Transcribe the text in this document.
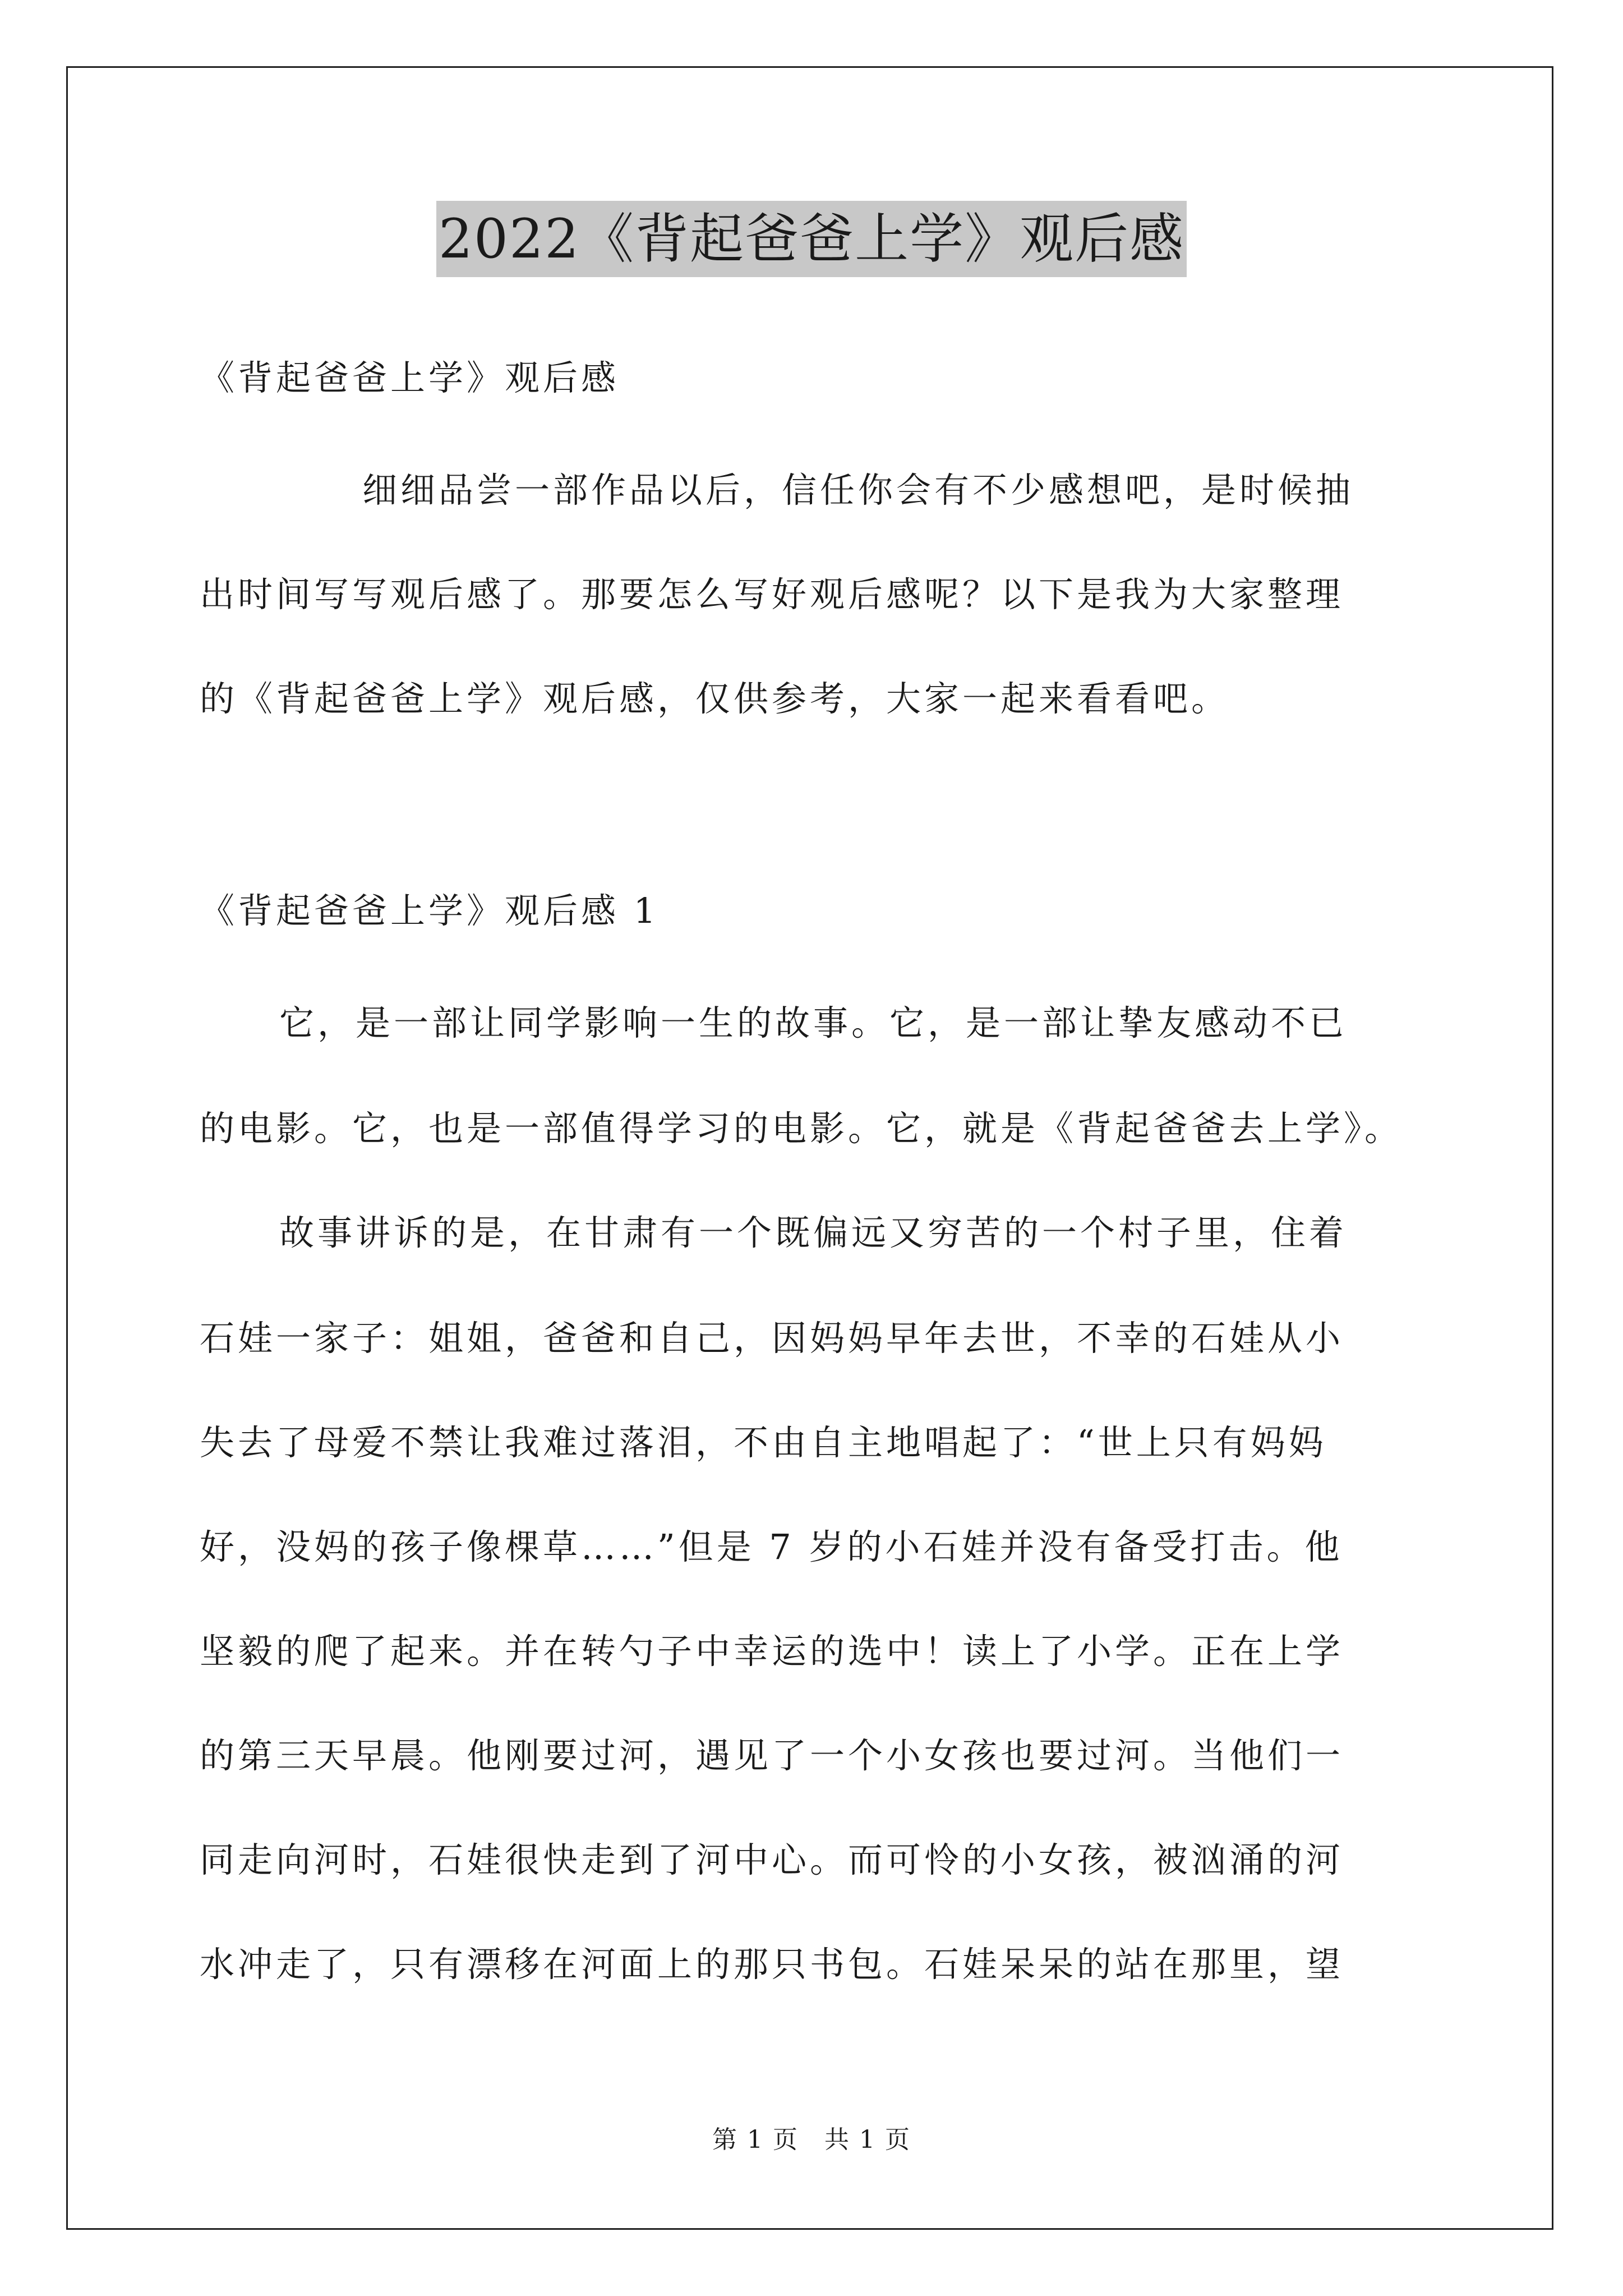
2022《背起爸爸上学》观后感
《背起爸爸上学》观后感
细细品尝一部作品以后，信任你会有不少感想吧，是时候抽
出时间写写观后感了。那要怎么写好观后感呢？以下是我为大家整理
的《背起爸爸上学》观后感，仅供参考，大家一起来看看吧。
《背起爸爸上学》观后感 1
它，是一部让同学影响一生的故事。它，是一部让挚友感动不已
的电影。它，也是一部值得学习的电影。它，就是《背起爸爸去上学》。
故事讲诉的是，在甘肃有一个既偏远又穷苦的一个村子里，住着
石娃一家子：姐姐，爸爸和自己，因妈妈早年去世，不幸的石娃从小
失去了母爱不禁让我难过落泪，不由自主地唱起了：“世上只有妈妈
好，没妈的孩子像棵草……”但是 7 岁的小石娃并没有备受打击。他
坚毅的爬了起来。并在转勺子中幸运的选中！读上了小学。正在上学
的第三天早晨。他刚要过河，遇见了一个小女孩也要过河。当他们一
同走向河时，石娃很快走到了河中心。而可怜的小女孩，被汹涌的河
水冲走了，只有漂移在河面上的那只书包。石娃呆呆的站在那里，望
第 1 页　共 1 页
